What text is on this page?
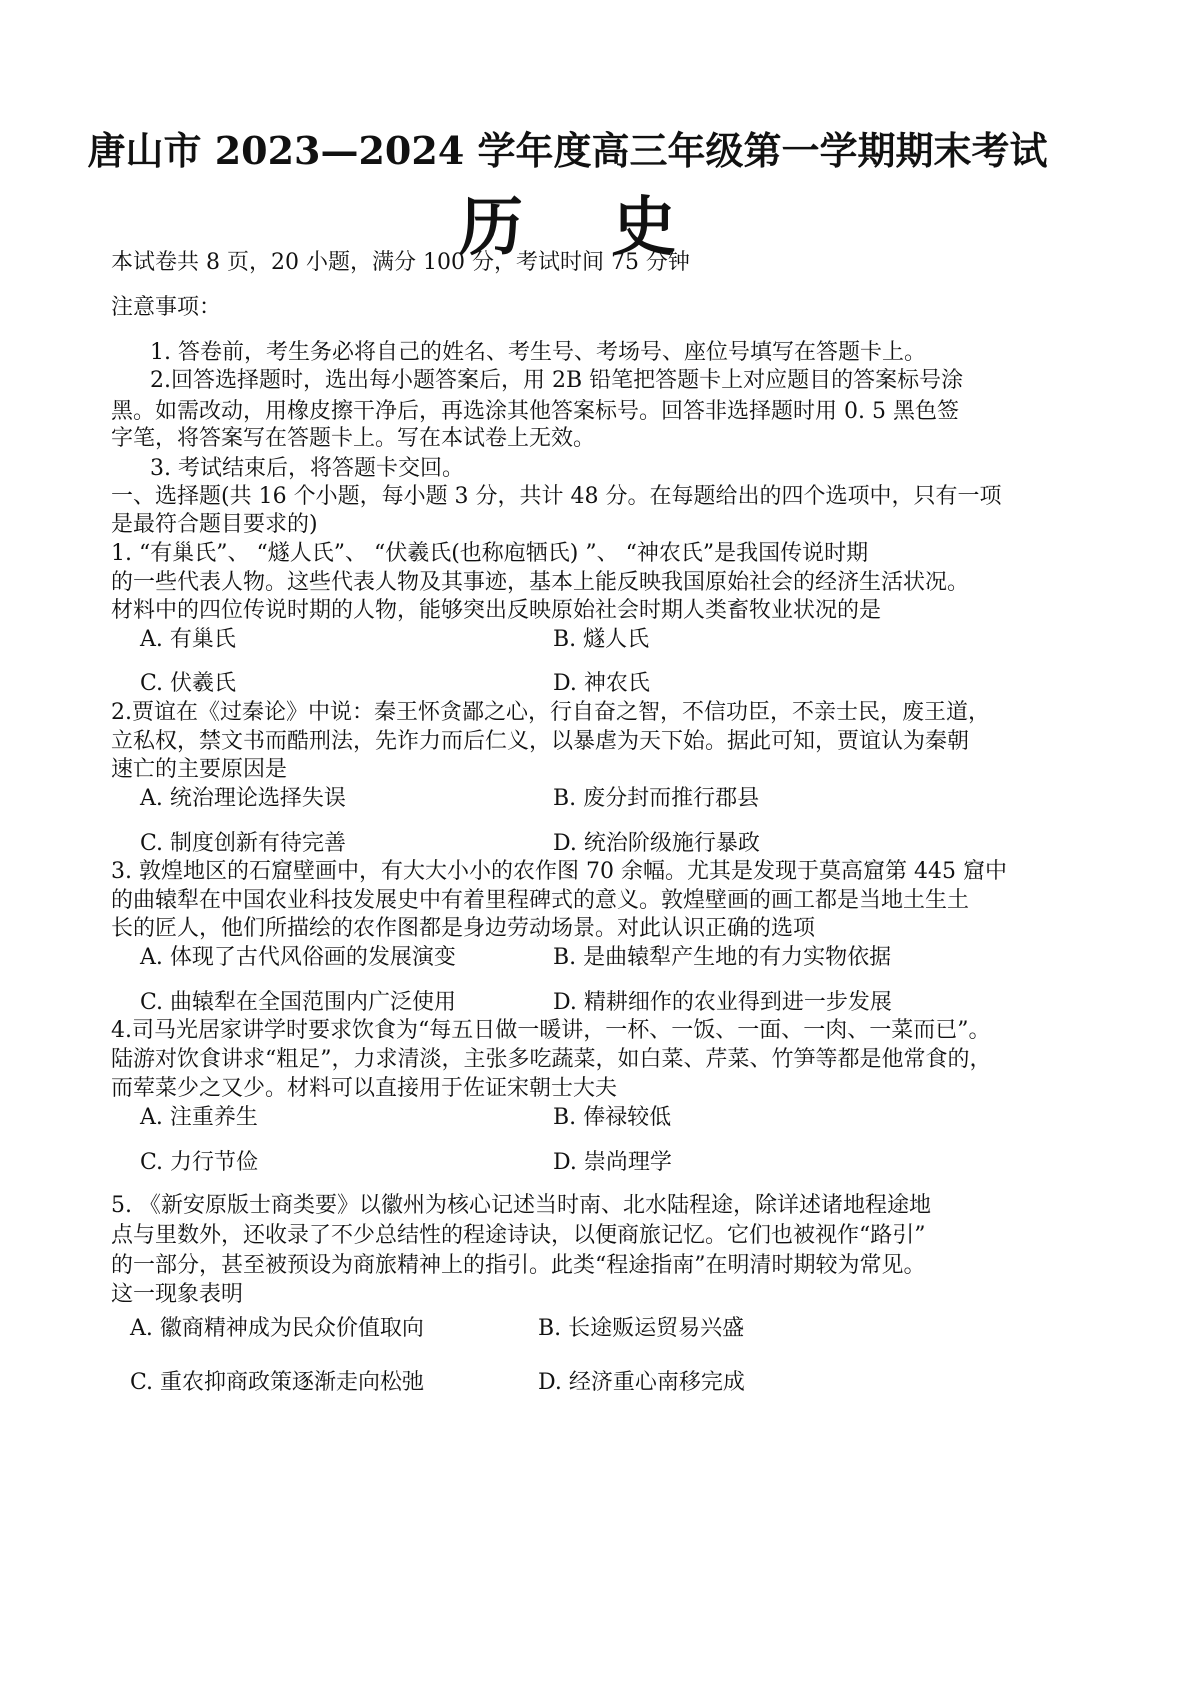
唐山市 2023—2024 学年度高三年级第一学期期末考试
历    史
本试卷共 8 页，20 小题，满分 100 分，考试时间 75 分钟
注意事项：
1. 答卷前，考生务必将自己的姓名、考生号、考场号、座位号填写在答题卡上。
2.回答选择题时，选出每小题答案后，用 2B 铅笔把答题卡上对应题目的答案标号涂
黑。如需改动，用橡皮擦干净后，再选涂其他答案标号。回答非选择题时用 0. 5 黑色签
字笔，将答案写在答题卡上。写在本试卷上无效。
3. 考试结束后，将答题卡交回。
一、选择题(共 16 个小题，每小题 3 分，共计 48 分。在每题给出的四个选项中，只有一项
是最符合题目要求的)
1. “有巢氏”、 “燧人氏”、 “伏羲氏(也称庖牺氏) ”、 “神农氏”是我国传说时期
的一些代表人物。这些代表人物及其事迹，基本上能反映我国原始社会的经济生活状况。
材料中的四位传说时期的人物，能够突出反映原始社会时期人类畜牧业状况的是
A. 有巢氏	B. 燧人氏
C. 伏羲氏	D. 神农氏
2.贾谊在《过秦论》中说：秦王怀贪鄙之心，行自奋之智，不信功臣，不亲士民，废王道，
立私权，禁文书而酷刑法，先诈力而后仁义，以暴虐为天下始。据此可知，贾谊认为秦朝
速亡的主要原因是
A. 统治理论选择失误	B. 废分封而推行郡县
C. 制度创新有待完善	D. 统治阶级施行暴政
3. 敦煌地区的石窟壁画中，有大大小小的农作图 70 余幅。尤其是发现于莫高窟第 445 窟中
的曲辕犁在中国农业科技发展史中有着里程碑式的意义。敦煌壁画的画工都是当地土生土
长的匠人，他们所描绘的农作图都是身边劳动场景。对此认识正确的选项
A. 体现了古代风俗画的发展演变	B. 是曲辕犁产生地的有力实物依据
C. 曲辕犁在全国范围内广泛使用	D. 精耕细作的农业得到进一步发展
4.司马光居家讲学时要求饮食为“每五日做一暖讲，一杯、一饭、一面、一肉、一菜而已”。
陆游对饮食讲求“粗足”，力求清淡，主张多吃蔬菜，如白菜、芹菜、竹笋等都是他常食的，
而荤菜少之又少。材料可以直接用于佐证宋朝士大夫
A. 注重养生	B. 俸禄较低
C. 力行节俭	D. 崇尚理学
5. 《新安原版士商类要》以徽州为核心记述当时南、北水陆程途，除详述诸地程途地
点与里数外，还收录了不少总结性的程途诗诀，以便商旅记忆。它们也被视作“路引”
的一部分，甚至被预设为商旅精神上的指引。此类“程途指南”在明清时期较为常见。
这一现象表明
A. 徽商精神成为民众价值取向	B. 长途贩运贸易兴盛
C. 重农抑商政策逐渐走向松弛	D. 经济重心南移完成
